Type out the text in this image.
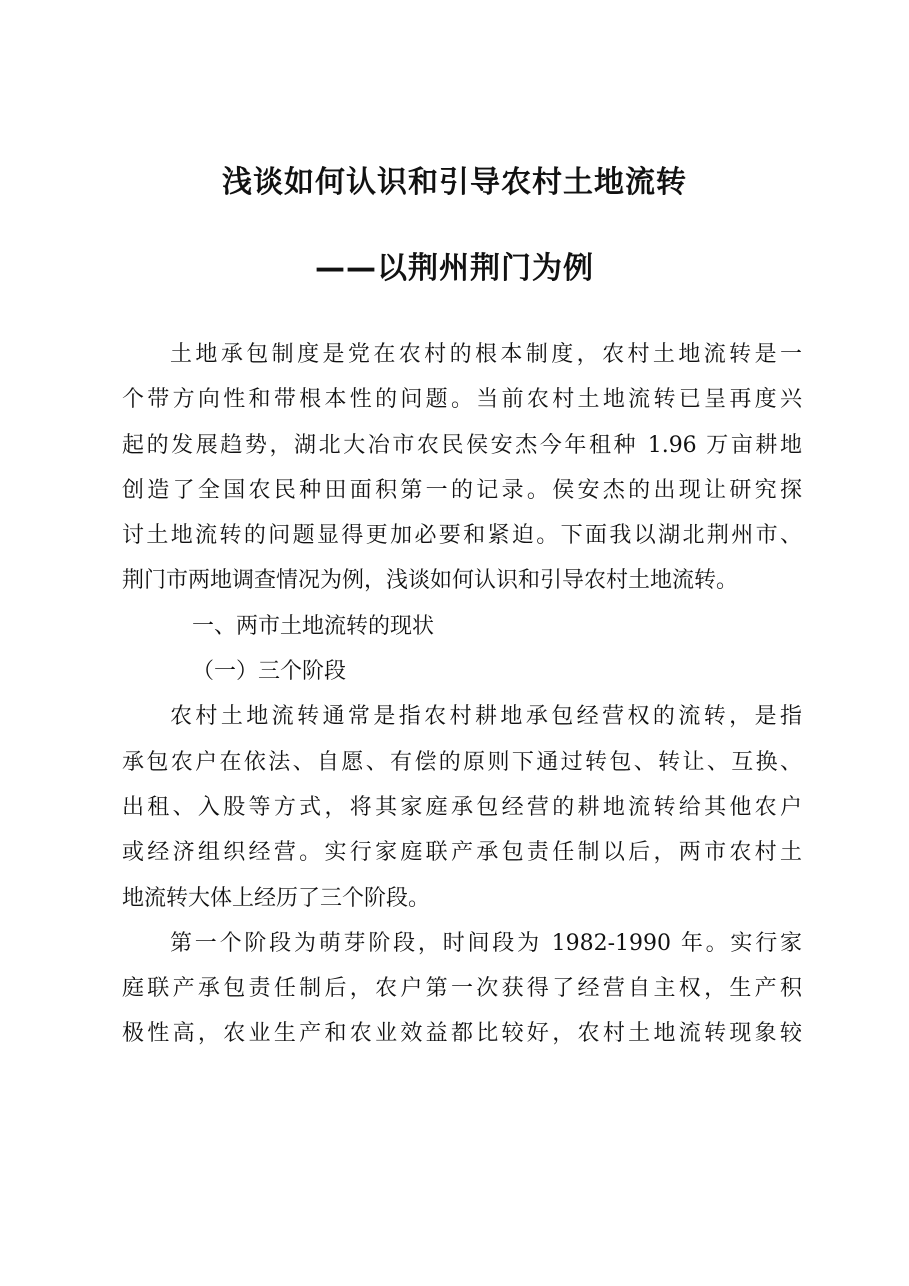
浅谈如何认识和引导农村土地流转
——以荆州荆门为例
土地承包制度是党在农村的根本制度，农村土地流转是一
个带方向性和带根本性的问题。当前农村土地流转已呈再度兴
起的发展趋势，湖北大冶市农民侯安杰今年租种 1.96 万亩耕地
创造了全国农民种田面积第一的记录。侯安杰的出现让研究探
讨土地流转的问题显得更加必要和紧迫。下面我以湖北荆州市、
荆门市两地调查情况为例，浅谈如何认识和引导农村土地流转。
一、两市土地流转的现状
（一）三个阶段
农村土地流转通常是指农村耕地承包经营权的流转，是指
承包农户在依法、自愿、有偿的原则下通过转包、转让、互换、
出租、入股等方式，将其家庭承包经营的耕地流转给其他农户
或经济组织经营。实行家庭联产承包责任制以后，两市农村土
地流转大体上经历了三个阶段。
第一个阶段为萌芽阶段，时间段为 1982-1990 年。实行家
庭联产承包责任制后，农户第一次获得了经营自主权，生产积
极性高，农业生产和农业效益都比较好，农村土地流转现象较
